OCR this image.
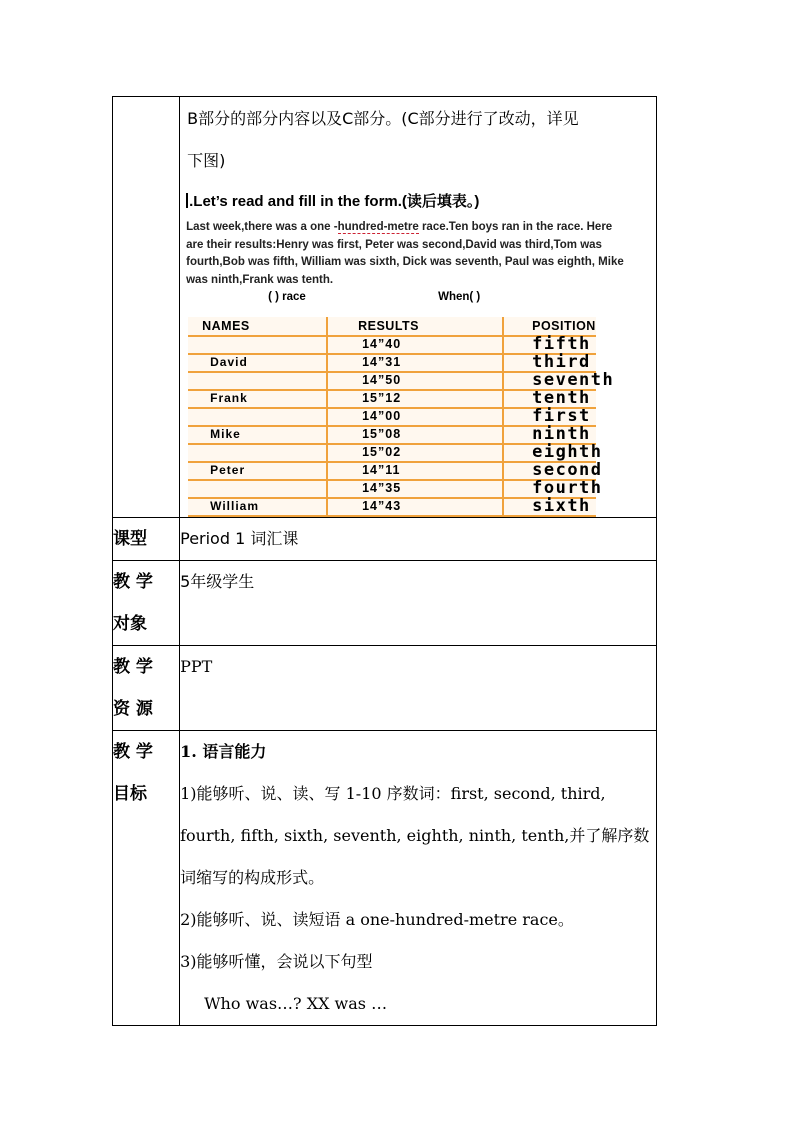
B部分的部分内容以及C部分。(C部分进行了改动，详见
下图)
.Let’s read and fill in the form.(读后填表。)
Last week,there was a one -hundred-metre race.Ten boys ran in the race. Here are their results:Henry was first, Peter was second,David was third,Tom was fourth,Bob was fifth, William was sixth, Dick was seventh, Paul was eighth, Mike was ninth,Frank was tenth.
( ) race	When( )
NAMES	RESULTS	POSITION
	14”40	fifth
David	14”31	third
	14”50	seventh
Frank	15”12	tenth
	14”00	first
Mike	15”08	ninth
	15”02	eighth
Peter	14”11	second
	14”35	fourth
William	14”43	sixth

课型	Period 1 词汇课

教 学
对象
	5年级学生

教 学
资 源
	PPT

教 学
目标

1. 语言能力
1)能够听、说、读、写 1-10 序数词：first, second, third,
fourth, fifth, sixth, seventh, eighth, ninth, tenth,并了解序数
词缩写的构成形式。
2)能够听、说、读短语 a one-hundred-metre race。
3)能够听懂，会说以下句型
Who was…? XX was …
